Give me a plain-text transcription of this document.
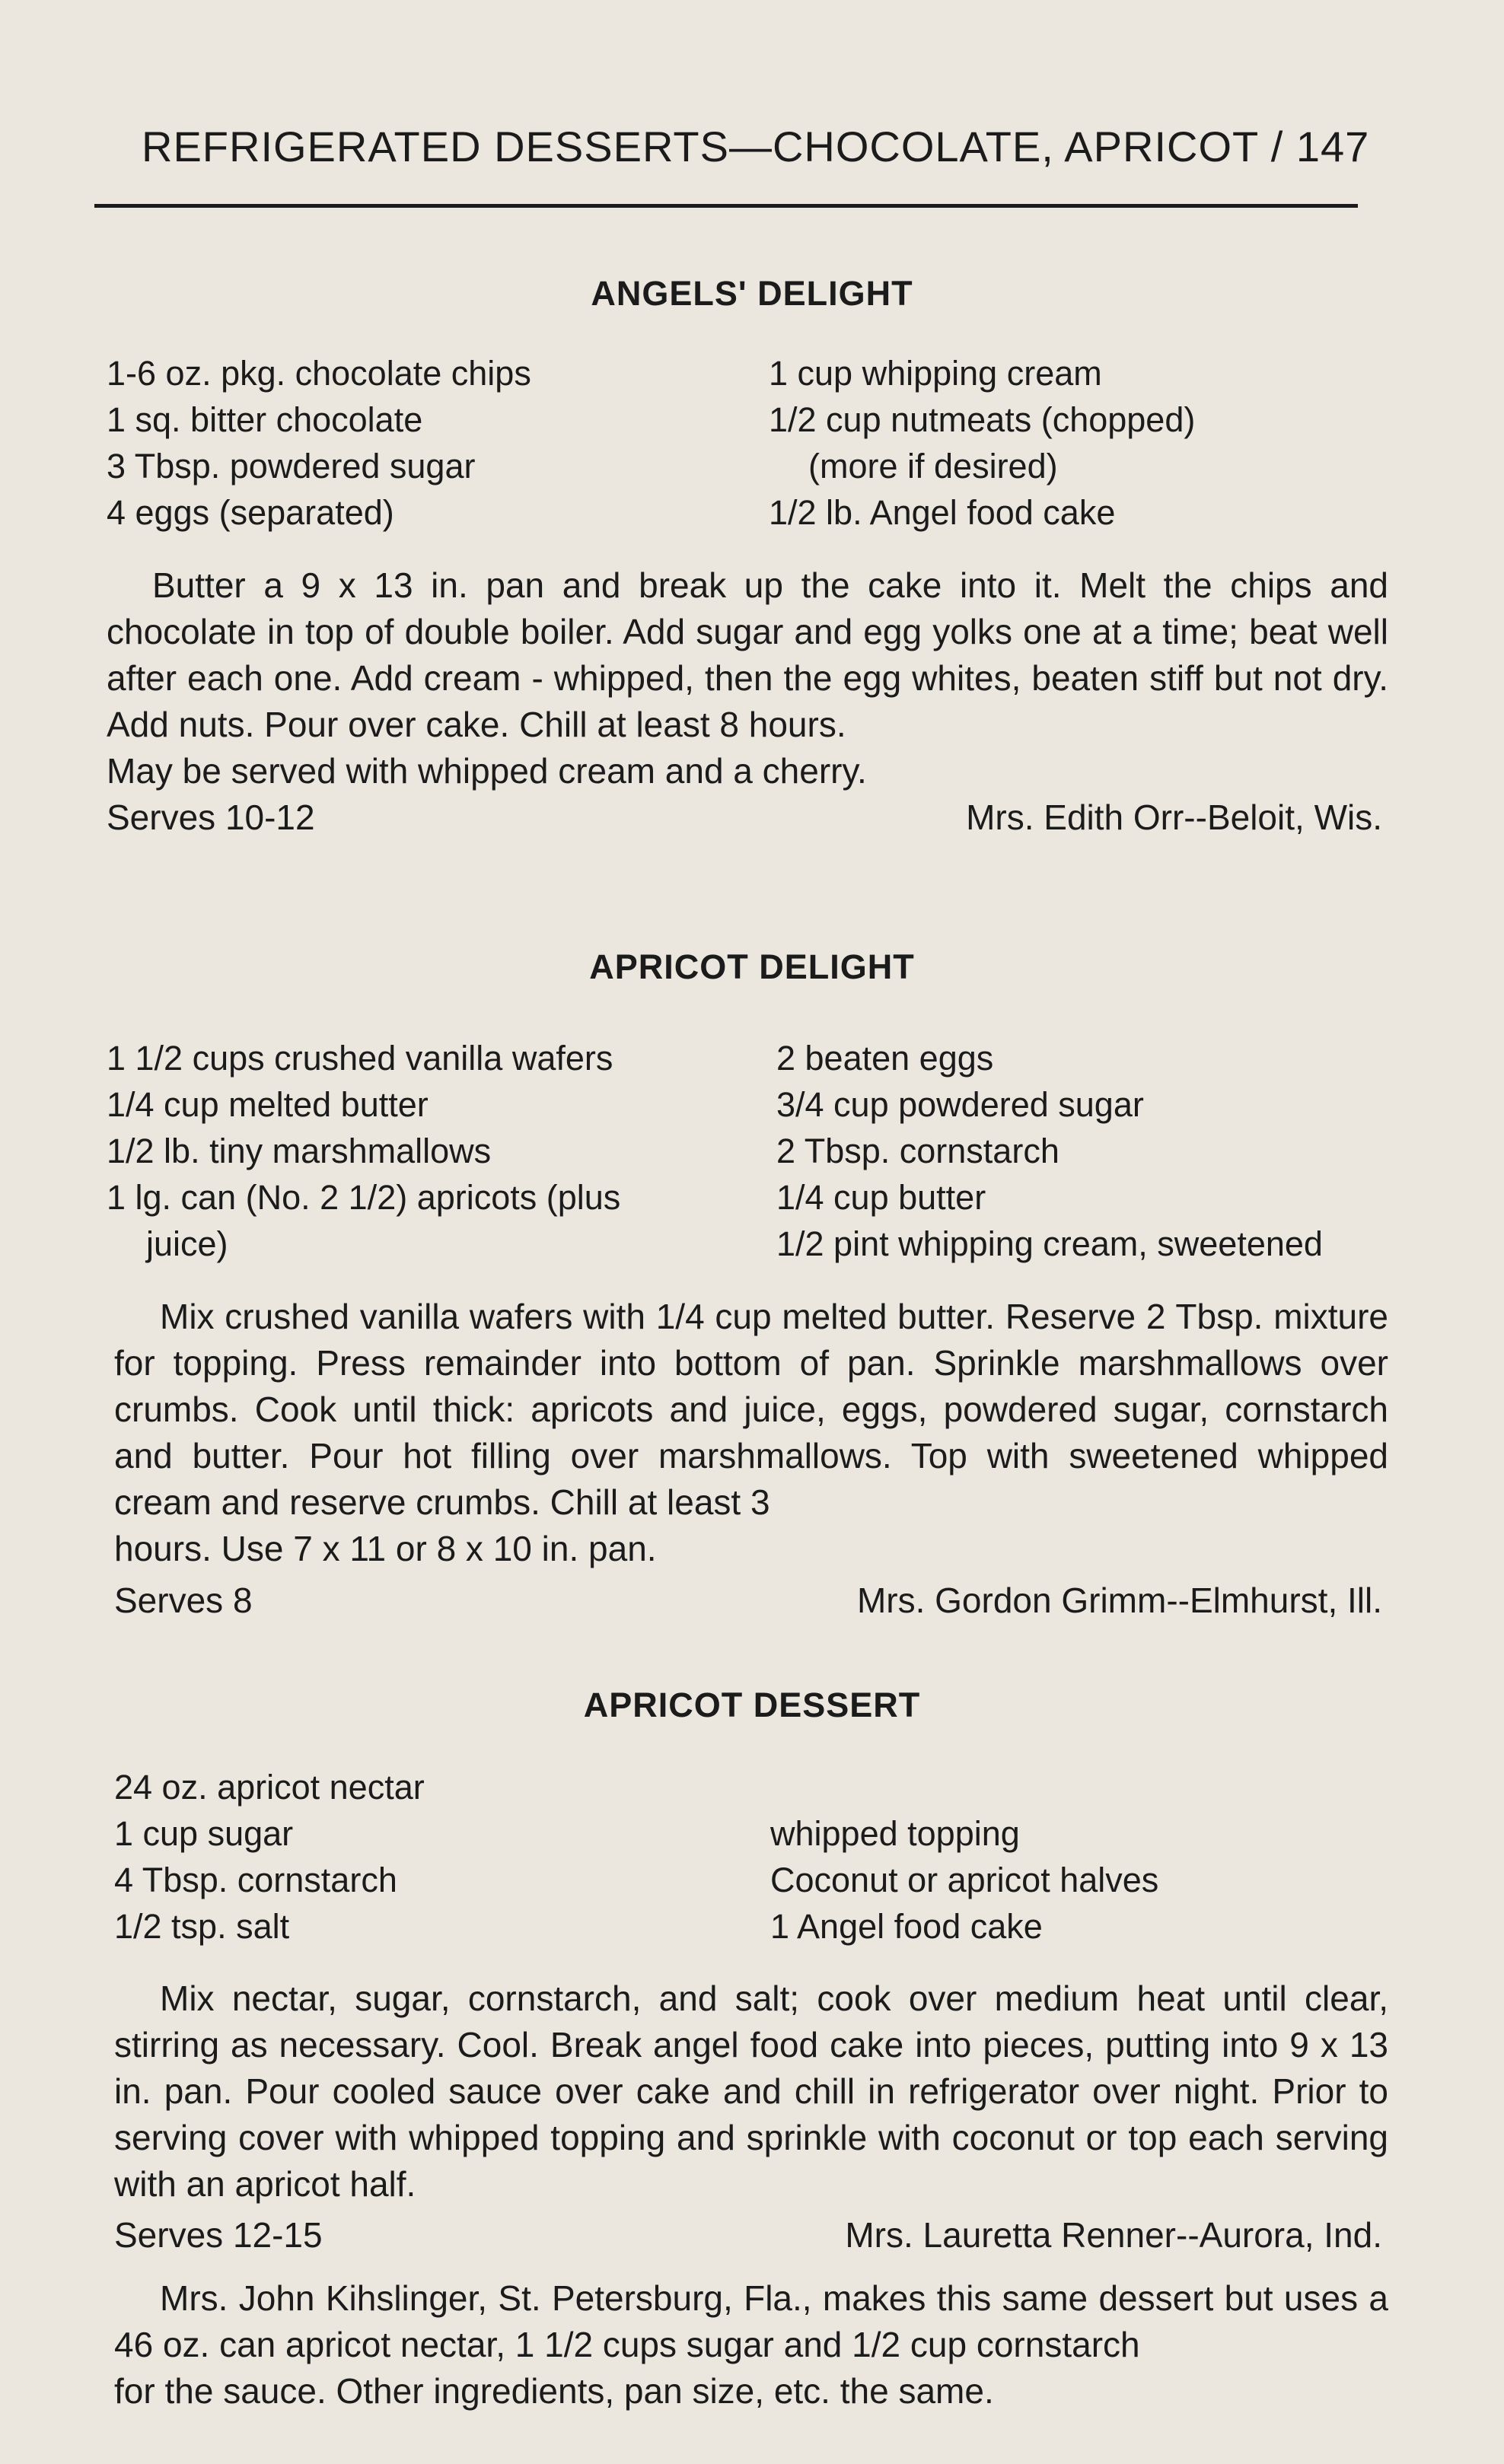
REFRIGERATED DESSERTS—CHOCOLATE, APRICOT / 147
ANGELS' DELIGHT
1-6 oz. pkg. chocolate chips
1 sq. bitter chocolate
3 Tbsp. powdered sugar
4 eggs (separated)
1 cup whipping cream
1/2 cup nutmeats (chopped)
(more if desired)
1/2 lb. Angel food cake
Butter a 9 x 13 in. pan and break up the cake into it. Melt the chips and chocolate in top of double boiler. Add sugar and egg yolks one at a time; beat well after each one. Add cream - whipped, then the egg whites, beaten stiff but not dry. Add nuts. Pour over cake. Chill at least 8 hours.
May be served with whipped cream and a cherry.
Serves 10-12	Mrs. Edith Orr--Beloit, Wis.
APRICOT DELIGHT
1 1/2 cups crushed vanilla wafers
1/4 cup melted butter
1/2 lb. tiny marshmallows
1 lg. can (No. 2 1/2) apricots (plus
juice)
2 beaten eggs
3/4 cup powdered sugar
2 Tbsp. cornstarch
1/4 cup butter
1/2 pint whipping cream, sweetened
Mix crushed vanilla wafers with 1/4 cup melted butter. Reserve 2 Tbsp. mixture for topping. Press remainder into bottom of pan. Sprinkle marshmallows over crumbs. Cook until thick: apricots and juice, eggs, powdered sugar, cornstarch and butter. Pour hot filling over marshmallows. Top with sweetened whipped cream and reserve crumbs. Chill at least 3
hours. Use 7 x 11 or 8 x 10 in. pan.
Serves 8	Mrs. Gordon Grimm--Elmhurst, Ill.
APRICOT DESSERT
24 oz. apricot nectar
1 cup sugar
4 Tbsp. cornstarch
1/2 tsp. salt
whipped topping
Coconut or apricot halves
1 Angel food cake
Mix nectar, sugar, cornstarch, and salt; cook over medium heat until clear, stirring as necessary. Cool. Break angel food cake into pieces, putting into 9 x 13 in. pan. Pour cooled sauce over cake and chill in refrigerator over night. Prior to serving cover with whipped topping and sprinkle with coconut or top each serving with an apricot half.
Serves 12-15	Mrs. Lauretta Renner--Aurora, Ind.
Mrs. John Kihslinger, St. Petersburg, Fla., makes this same dessert but uses a 46 oz. can apricot nectar, 1 1/2 cups sugar and 1/2 cup cornstarch
for the sauce. Other ingredients, pan size, etc. the same.
